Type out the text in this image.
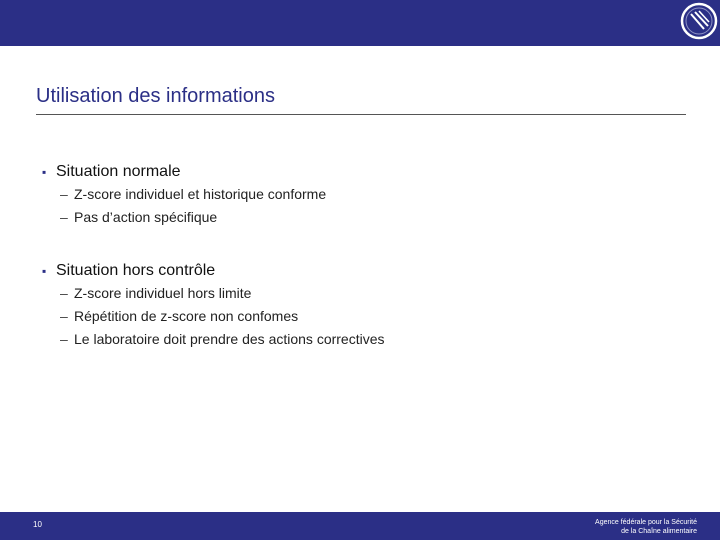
Utilisation des informations
▪ Situation normale
– Z-score individuel et historique conforme
– Pas d’action spécifique
▪ Situation hors contrôle
– Z-score individuel hors limite
– Répétition de z-score non confomes
– Le laboratoire doit prendre des actions correctives
10	Agence fédérale pour la Sécurité
de la Chaîne alimentaire
